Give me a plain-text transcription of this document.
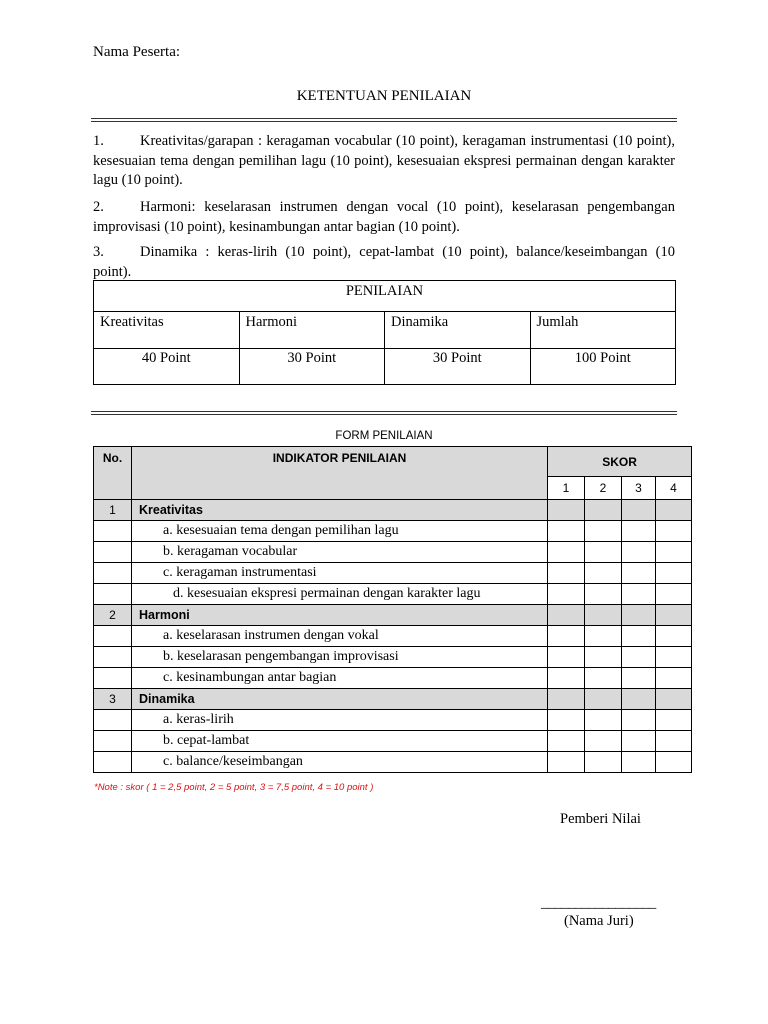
Nama Peserta:
KETENTUAN PENILAIAN
1. Kreativitas/garapan : keragaman vocabular (10 point), keragaman instrumentasi (10 point), kesesuaian tema dengan pemilihan lagu (10 point), kesesuaian ekspresi permainan dengan karakter lagu (10 point).
2. Harmoni: keselarasan instrumen dengan vocal (10 point), keselarasan pengembangan improvisasi (10 point), kesinambungan antar bagian (10 point).
3. Dinamika : keras-lirih (10 point), cepat-lambat (10 point), balance/keseimbangan (10 point).
PENILAIAN			
Kreativitas	Harmoni	Dinamika	Jumlah
40 Point	30 Point	30 Point	100 Point
FORM PENILAIAN
No.	INDIKATOR PENILAIAN	SKOR			
		1	2	3	4
1	Kreativitas				
	a. kesesuaian tema dengan pemilihan lagu				
	b. keragaman vocabular				
	c. keragaman instrumentasi				
	d. kesesuaian ekspresi permainan dengan karakter lagu				
2	Harmoni				
	a. keselarasan instrumen dengan vokal				
	b. keselarasan pengembangan improvisasi				
	c. kesinambungan antar bagian				
3	Dinamika				
	a. keras-lirih				
	b. cepat-lambat				
	c. balance/keseimbangan				
*Note : skor ( 1 = 2,5 point, 2 = 5 point, 3 = 7,5 point, 4 = 10 point )
Pemberi Nilai
_________________
(Nama Juri)
